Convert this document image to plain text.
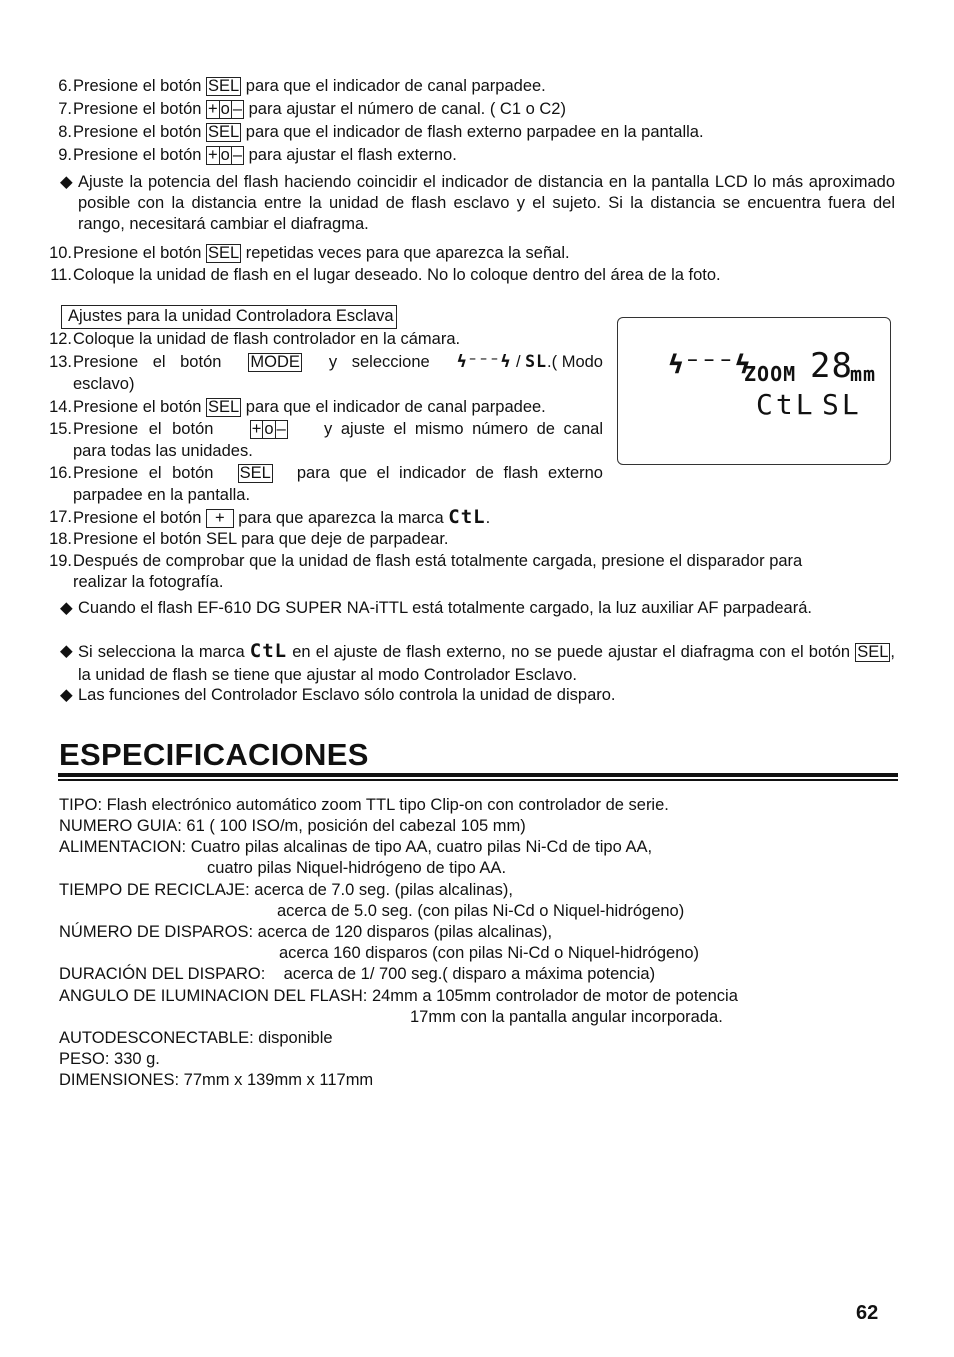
6. Presione el botón SEL para que el indicador de canal parpadee.
7. Presione el botón + o – para ajustar el número de canal. ( C1 o C2)
8. Presione el botón SEL para que el indicador de flash externo parpadee en la pantalla.
9. Presione el botón + o – para ajustar el flash externo.
◆ Ajuste la potencia del flash haciendo coincidir el indicador de distancia en la pantalla LCD lo más aproximado posible con la distancia entre la unidad de flash esclavo y el sujeto. Si la distancia se encuentra fuera del rango, necesitará cambiar el diafragma.
10. Presione el botón SEL repetidas veces para que aparezca la señal.
11. Coloque la unidad de flash en el lugar deseado. No lo coloque dentro del área de la foto.
Ajustes para la unidad Controladora Esclava
12. Coloque la unidad de flash controlador en la cámara.
13. Presione el botón MODE y seleccione ϟ⁻⁻⁻ϟ / SL.( Modo
esclavo)
14. Presione el botón SEL para que el indicador de canal parpadee.
15. Presione el botón + o – y ajuste el mismo número de canal
para todas las unidades.
16. Presione el botón SEL para que el indicador de flash externo
parpadee en la pantalla.
17. Presione el botón + para que aparezca la marca CtL.
18. Presione el botón SEL para que deje de parpadear.
19. Después de comprobar que la unidad de flash está totalmente cargada, presione el disparador para
realizar la fotografía.
◆ Cuando el flash EF-610 DG SUPER NA-iTTL está totalmente cargado, la luz auxiliar AF parpadeará.
◆ Si selecciona la marca CtL en el ajuste de flash externo, no se puede ajustar el diafragma con el botón SEL , la unidad de flash se tiene que ajustar al modo Controlador Esclavo.
◆ Las funciones del Controlador Esclavo sólo controla la unidad de disparo.
ϟ⁻⁻⁻ϟ
ZOOM 28
mm
CtL SL
ESPECIFICACIONES
TIPO: Flash electrónico automático zoom TTL tipo Clip-on con controlador de serie.
NUMERO GUIA: 61 ( 100 ISO/m, posición del cabezal 105 mm)
ALIMENTACION: Cuatro pilas alcalinas de tipo AA, cuatro pilas Ni-Cd de tipo AA,
cuatro pilas Niquel-hidrógeno de tipo AA.
TIEMPO DE RECICLAJE: acerca de 7.0 seg. (pilas alcalinas),
acerca de 5.0 seg. (con pilas Ni-Cd o Niquel-hidrógeno)
NÚMERO DE DISPAROS: acerca de 120 disparos (pilas alcalinas),
acerca 160 disparos (con pilas Ni-Cd o Niquel-hidrógeno)
DURACIÓN DEL DISPARO:    acerca de 1/ 700 seg.( disparo a máxima potencia)
ANGULO DE ILUMINACION DEL FLASH: 24mm a 105mm controlador de motor de potencia
17mm con la pantalla angular incorporada.
AUTODESCONECTABLE: disponible
PESO: 330 g.
DIMENSIONES: 77mm x 139mm x 117mm
62
